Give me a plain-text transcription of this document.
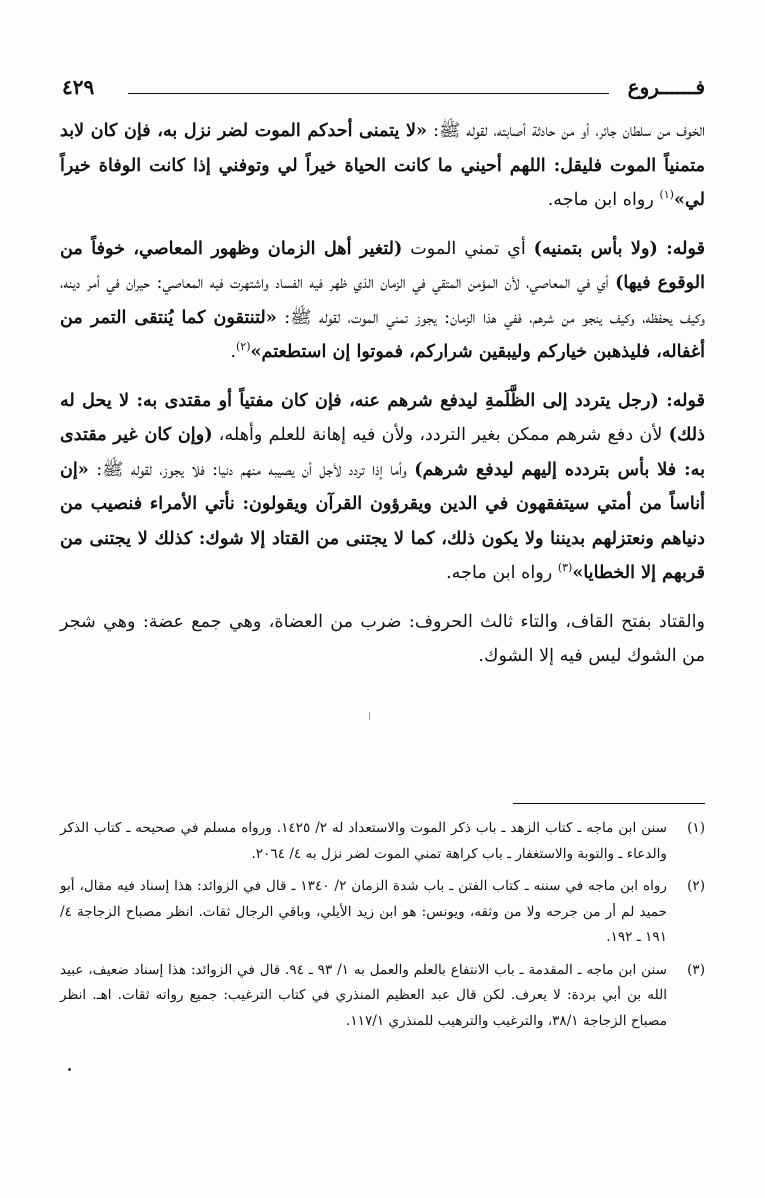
٤٢٩	فــــــروع

الخوف من سلطان جائر، أو من حادثة أصابته، لقوله ﷺ: «لا يتمنى أحدكم الموت لضر نزل به، فإن كان لابد متمنياً الموت فليقل: اللهم أحيني ما كانت الحياة خيراً لي وتوفني إذا كانت الوفاة خيراً لي»$^{(١)}$ رواه ابن ماجه.

قوله: (ولا بأس بتمنيه) أي تمني الموت (لتغير أهل الزمان وظهور المعاصي، خوفاً من الوقوع فيها) أي في المعاصي، لأن المؤمن المتقي في الزمان الذي ظهر فيه الفساد واشتهرت فيه المعاصي: حيران في أمر دينه، وكيف يحفظه، وكيف ينجو من شرهم، ففي هذا الزمان: يجوز تمني الموت، لقوله ﷺ: «لتنتقون كما يُنتقى التمر من أغفاله، فليذهبن خياركم وليبقين شراركم، فموتوا إن استطعتم»$^{(٢)}$.

قوله: (رجل يتردد إلى الظَّلَمةِ ليدفع شرهم عنه، فإن كان مفتياً أو مقتدى به: لا يحل له ذلك) لأن دفع شرهم ممكن بغير التردد، ولأن فيه إهانة للعلم وأهله، (وإن كان غير مقتدى به: فلا بأس بتردده إليهم ليدفع شرهم) وأما إذا تردد لأجل أن يصيبه منهم دنيا: فلا يجوز، لقوله ﷺ: «إن أناساً من أمتي سيتفقهون في الدين ويقرؤون القرآن ويقولون: نأتي الأمراء فنصيب من دنياهم ونعتزلهم بديننا ولا يكون ذلك، كما لا يجتنى من القتاد إلا شوك: كذلك لا يجتنى من قربهم إلا الخطايا»$^{(٣)}$ رواه ابن ماجه.

والقتاد بفتح القاف، والتاء ثالث الحروف: ضرب من العضاة، وهي جمع عضة: وهي شجر من الشوك ليس فيه إلا الشوك.

(١)
سنن ابن ماجه ـ كتاب الزهد ـ باب ذكر الموت والاستعداد له ٢/ ١٤٢٥. ورواه مسلم في صحيحه ـ كتاب الذكر والدعاء ـ والتوبة والاستغفار ـ باب كراهة تمني الموت لضر نزل به ٤/ ٢٠٦٤.
(٢)
رواه ابن ماجه في سننه ـ كتاب الفتن ـ باب شدة الزمان ٢/ ١٣٤٠ ـ قال في الزوائد: هذا إسناد فيه مقال، أبو حميد لم أر من جرحه ولا من وثقه، ويونس: هو ابن زيد الأيلي، وباقي الرجال ثقات. انظر مصباح الزجاجة ٤/ ١٩١ ـ ١٩٢.
(٣)
سنن ابن ماجه ـ المقدمة ـ باب الانتفاع بالعلم والعمل به ١/ ٩٣ ـ ٩٤. قال في الزوائد: هذا إسناد ضعيف، عبيد الله بن أبي بردة: لا يعرف. لكن قال عبد العظيم المنذري في كتاب الترغيب: جميع رواته ثقات. اهـ. انظر مصباح الزجاجة ٣٨/١، والترغيب والترهيب للمنذري ١١٧/١.
